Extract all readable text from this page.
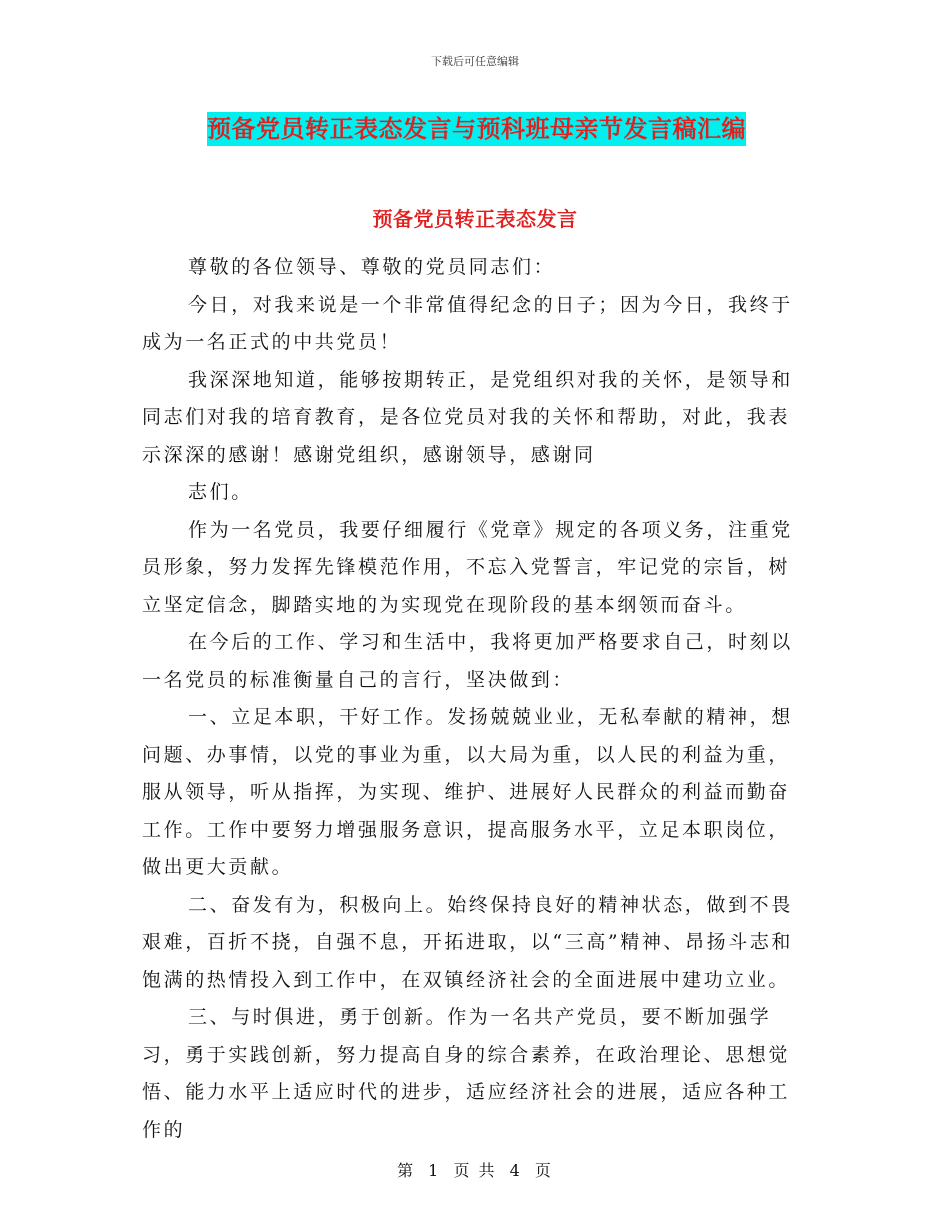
下载后可任意编辑
预备党员转正表态发言与预科班母亲节发言稿汇编
预备党员转正表态发言

尊敬的各位领导、尊敬的党员同志们：

今日，对我来说是一个非常值得纪念的日子；因为今日，我终于成为一名正式的中共党员！

我深深地知道，能够按期转正，是党组织对我的关怀，是领导和同志们对我的培育教育，是各位党员对我的关怀和帮助，对此，我表示深深的感谢！感谢党组织，感谢领导，感谢同

志们。

作为一名党员，我要仔细履行《党章》规定的各项义务，注重党员形象，努力发挥先锋模范作用，不忘入党誓言，牢记党的宗旨，树立坚定信念，脚踏实地的为实现党在现阶段的基本纲领而奋斗。

在今后的工作、学习和生活中，我将更加严格要求自己，时刻以一名党员的标准衡量自己的言行，坚决做到：

一、立足本职，干好工作。发扬兢兢业业，无私奉献的精神，想问题、办事情，以党的事业为重，以大局为重，以人民的利益为重，服从领导，听从指挥，为实现、维护、进展好人民群众的利益而勤奋工作。工作中要努力增强服务意识，提高服务水平，立足本职岗位，做出更大贡献。

二、奋发有为，积极向上。始终保持良好的精神状态，做到不畏艰难，百折不挠，自强不息，开拓进取，以“三高”精神、昂扬斗志和饱满的热情投入到工作中，在双镇经济社会的全面进展中建功立业。

三、与时俱进，勇于创新。作为一名共产党员，要不断加强学习，勇于实践创新，努力提高自身的综合素养，在政治理论、思想觉悟、能力水平上适应时代的进步，适应经济社会的进展，适应各种工作的

第 1 页 共 4 页
